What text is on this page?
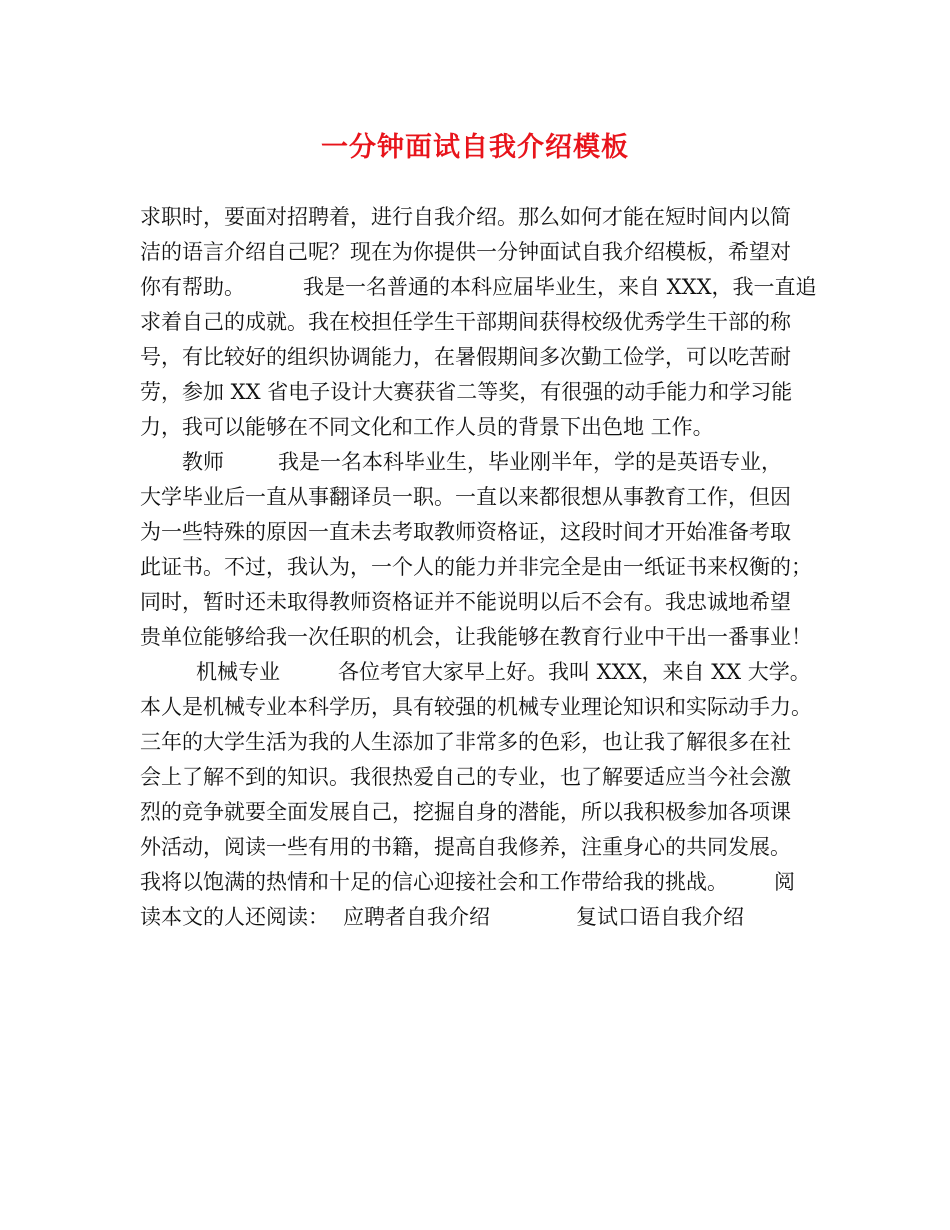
一分钟面试自我介绍模板
求职时，要面对招聘着，进行自我介绍。那么如何才能在短时间内以简
洁的语言介绍自己呢？现在为你提供一分钟面试自我介绍模板，希望对
你有帮助。	我是一名普通的本科应届毕业生，来自 XXX，我一直追
求着自己的成就。我在校担任学生干部期间获得校级优秀学生干部的称
号，有比较好的组织协调能力，在暑假期间多次勤工俭学，可以吃苦耐
劳，参加 XX 省电子设计大赛获省二等奖，有很强的动手能力和学习能
力，我可以能够在不同文化和工作人员的背景下出色地 工作。
教师	我是一名本科毕业生，毕业刚半年，学的是英语专业，
大学毕业后一直从事翻译员一职。一直以来都很想从事教育工作，但因
为一些特殊的原因一直未去考取教师资格证，这段时间才开始准备考取
此证书。不过，我认为，一个人的能力并非完全是由一纸证书来权衡的；
同时，暂时还未取得教师资格证并不能说明以后不会有。我忠诚地希望
贵单位能够给我一次任职的机会，让我能够在教育行业中干出一番事业！
机械专业	各位考官大家早上好。我叫 XXX，来自 XX 大学。
本人是机械专业本科学历，具有较强的机械专业理论知识和实际动手力。
三年的大学生活为我的人生添加了非常多的色彩，也让我了解很多在社
会上了解不到的知识。我很热爱自己的专业，也了解要适应当今社会激
烈的竞争就要全面发展自己，挖掘自身的潜能，所以我积极参加各项课
外活动，阅读一些有用的书籍，提高自我修养，注重身心的共同发展。
我将以饱满的热情和十足的信心迎接社会和工作带给我的挑战。 阅
读本文的人还阅读： 应聘者自我介绍	复试口语自我介绍
